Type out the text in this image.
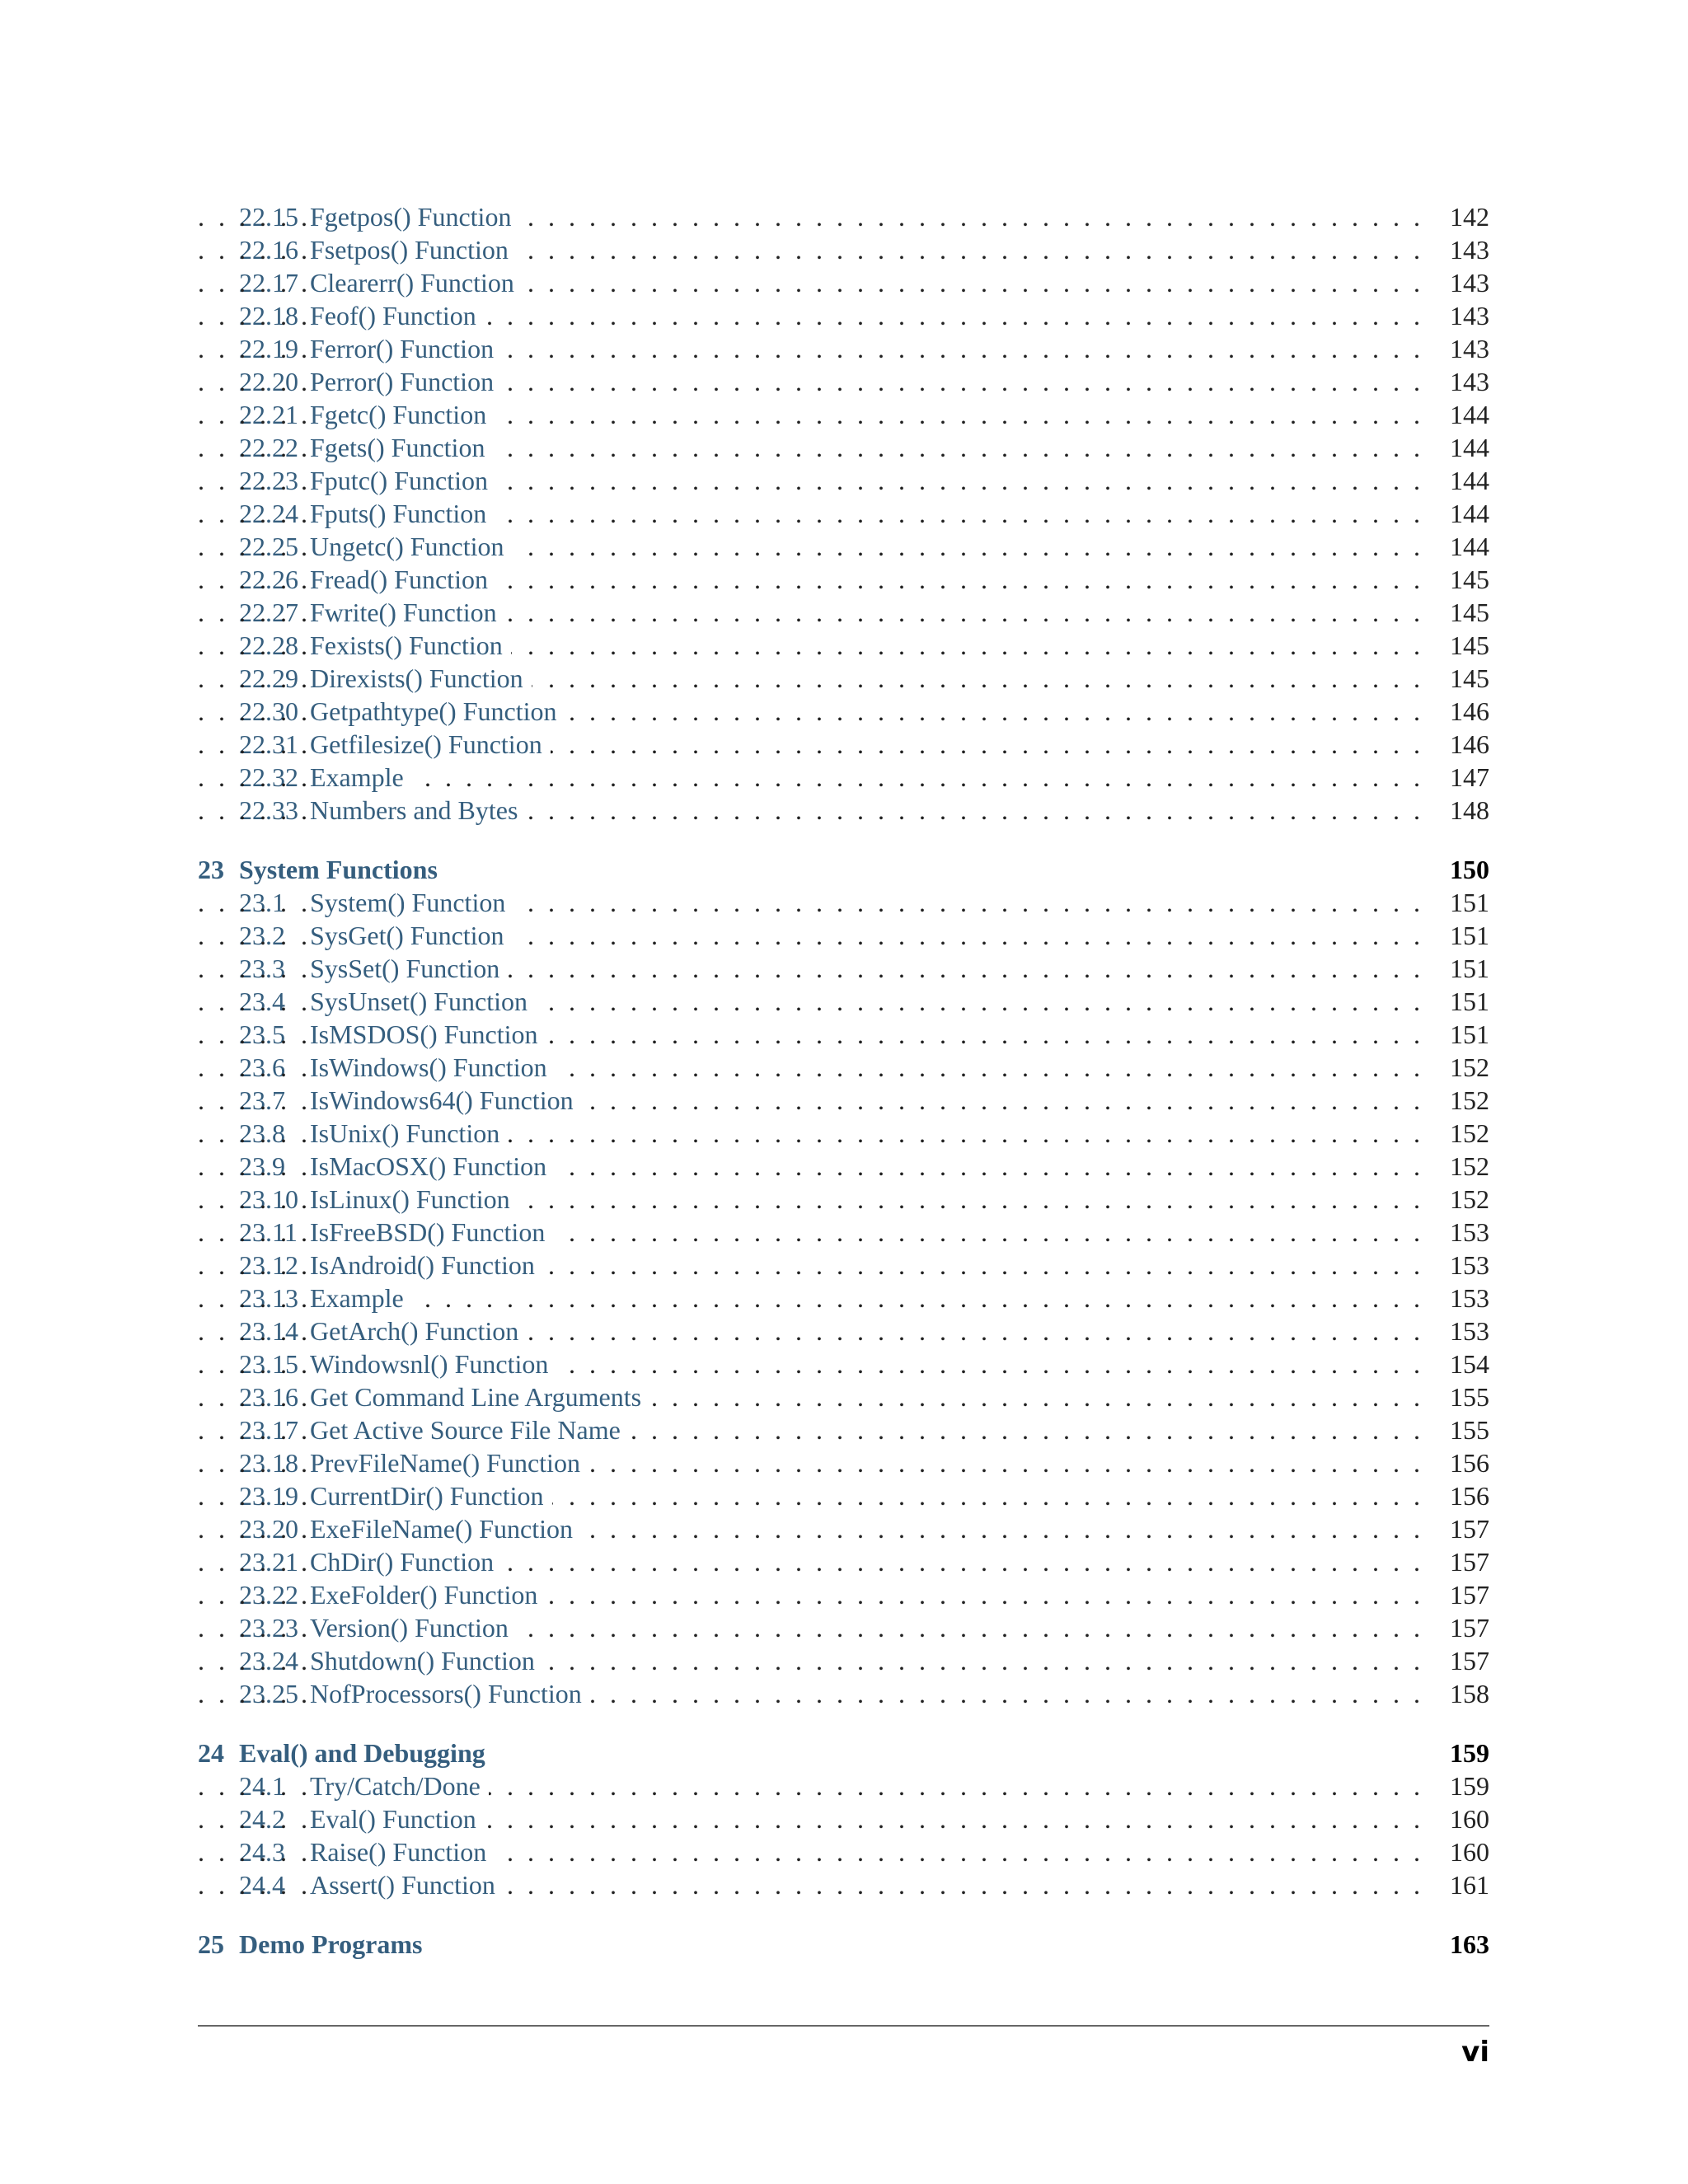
. . .
22.15 Fgetpos() Function	142
. . .
22.16 Fsetpos() Function	143
. . .
22.17 Clearerr() Function	143
. . .
22.18 Feof() Function	143
. . .
22.19 Ferror() Function	143
. . .
22.20 Perror() Function	143
. . .
22.21 Fgetc() Function	144
. . .
22.22 Fgets() Function	144
. . .
22.23 Fputc() Function	144
. . .
22.24 Fputs() Function	144
. . .
22.25 Ungetc() Function	144
. . .
22.26 Fread() Function	145
. . .
22.27 Fwrite() Function	145
. . .
22.28 Fexists() Function	145
. . .
22.29 Direxists() Function	145
. . .
22.30 Getpathtype() Function	146
. . .
22.31 Getfilesize() Function	146
. . .
22.32 Example	147
. . .
22.33 Numbers and Bytes	148
23 System Functions	150
. . .
23.1 System() Function	151
. . .
23.2 SysGet() Function	151
. . .
23.3 SysSet() Function	151
. . .
23.4 SysUnset() Function	151
. . .
23.5 IsMSDOS() Function	151
. . .
23.6 IsWindows() Function	152
. . .
23.7 IsWindows64() Function	152
. . .
23.8 IsUnix() Function	152
. . .
23.9 IsMacOSX() Function	152
. . .
23.10 IsLinux() Function	152
. . .
23.11 IsFreeBSD() Function	153
. . .
23.12 IsAndroid() Function	153
. . .
23.13 Example	153
. . .
23.14 GetArch() Function	153
. . .
23.15 Windowsnl() Function	154
. . .
23.16 Get Command Line Arguments	155
. . .
23.17 Get Active Source File Name	155
. . .
23.18 PrevFileName() Function	156
. . .
23.19 CurrentDir() Function	156
. . .
23.20 ExeFileName() Function	157
. . .
23.21 ChDir() Function	157
. . .
23.22 ExeFolder() Function	157
. . .
23.23 Version() Function	157
. . .
23.24 Shutdown() Function	157
. . .
23.25 NofProcessors() Function	158
24 Eval() and Debugging	159
. . .
24.1 Try/Catch/Done	159
. . .
24.2 Eval() Function	160
. . .
24.3 Raise() Function	160
. . .
24.4 Assert() Function	161
25 Demo Programs	163
vi
